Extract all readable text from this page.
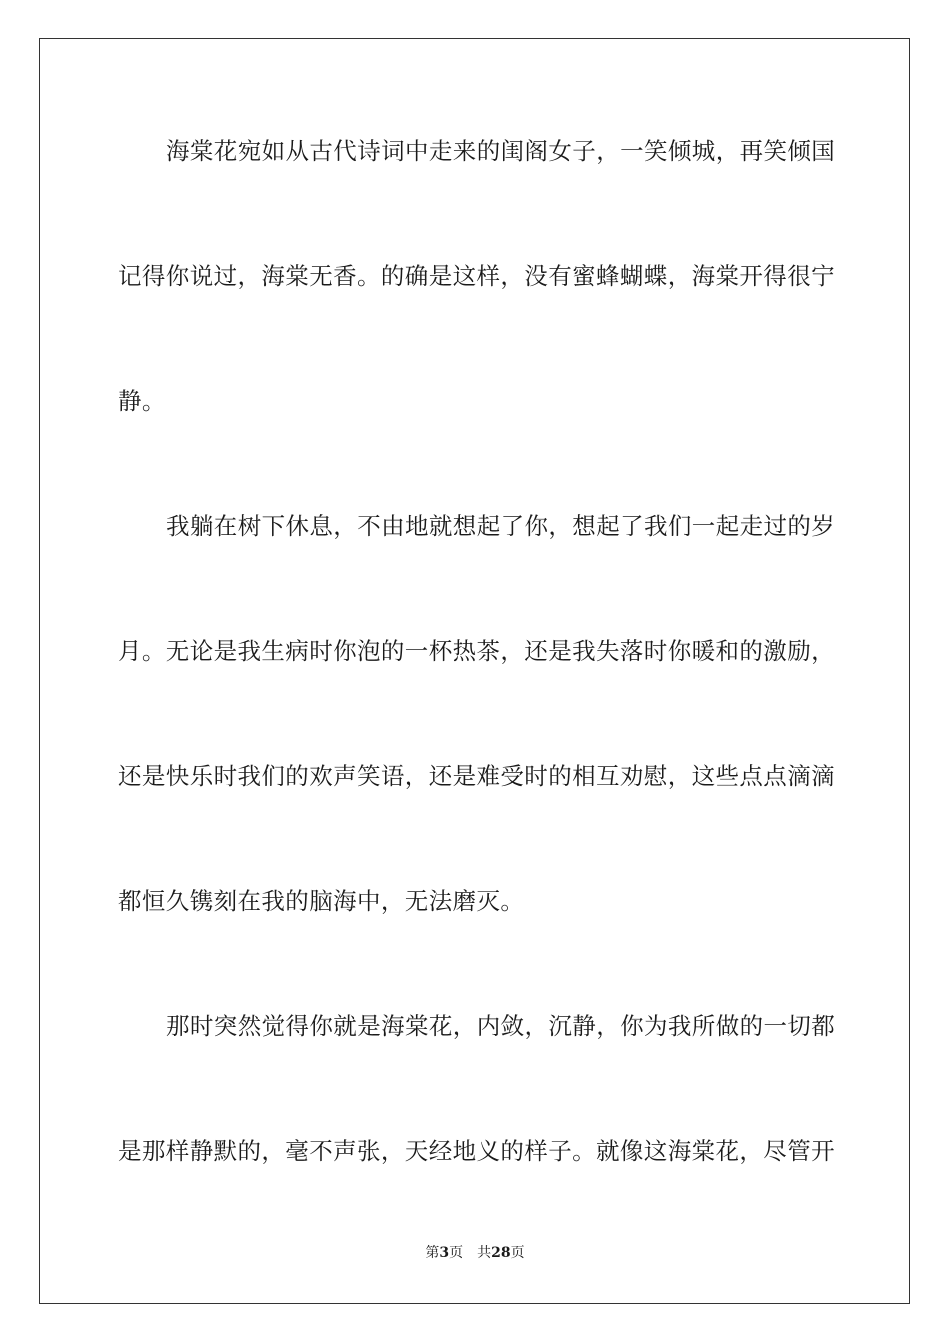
海棠花宛如从古代诗词中走来的闺阁女子，一笑倾城，再笑倾国
记得你说过，海棠无香。的确是这样，没有蜜蜂蝴蝶，海棠开得很宁
静。
我躺在树下休息，不由地就想起了你，想起了我们一起走过的岁
月。无论是我生病时你泡的一杯热茶，还是我失落时你暖和的激励，
还是快乐时我们的欢声笑语，还是难受时的相互劝慰，这些点点滴滴
都恒久镌刻在我的脑海中，无法磨灭。
那时突然觉得你就是海棠花，内敛，沉静，你为我所做的一切都
是那样静默的，毫不声张，天经地义的样子。就像这海棠花，尽管开
第3页 共28页
